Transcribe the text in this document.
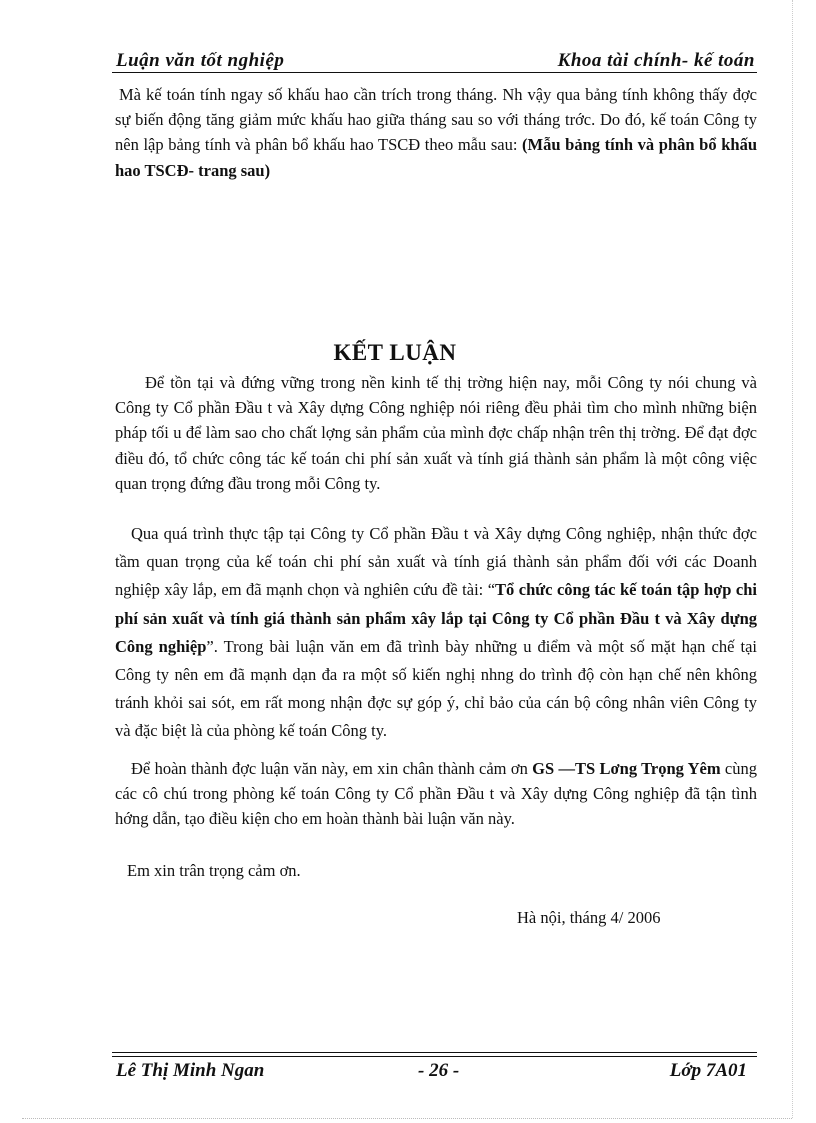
Luận văn tốt nghiệp	Khoa tài chính- kế toán

Mà kế toán tính ngay số khấu hao cần trích trong tháng. Nh vậy qua bảng tính không thấy đợc sự biến động tăng giảm mức khấu hao giữa tháng sau so với tháng trớc. Do đó, kế toán Công ty nên lập bảng tính và phân bổ khấu hao TSCĐ theo mẫu sau: (Mẫu bảng tính và phân bổ khấu hao TSCĐ- trang sau)

KẾT LUẬN

Để tồn tại và đứng vững trong nền kinh tế thị trờng hiện nay, mỗi Công ty nói chung và Công ty Cổ phần Đầu t và Xây dựng Công nghiệp nói riêng đều phải tìm cho mình những biện pháp tối u để làm sao cho chất lợng sản phẩm của mình đợc chấp nhận trên thị trờng. Để đạt đợc điều đó, tổ chức công tác kế toán chi phí sản xuất và tính giá thành sản phẩm là một công việc quan trọng đứng đầu trong mỗi Công ty.

Qua quá trình thực tập tại Công ty Cổ phần Đầu t và Xây dựng Công nghiệp, nhận thức đợc tầm quan trọng của kế toán chi phí sản xuất và tính giá thành sản phẩm đối với các Doanh nghiệp xây lắp, em đã mạnh chọn và nghiên cứu đề tài: “Tổ chức công tác kế toán tập hợp chi phí sản xuất và tính giá thành sản phẩm xây lắp tại Công ty Cổ phần Đầu t và Xây dựng Công nghiệp”. Trong bài luận văn em đã trình bày những u điểm và một số mặt hạn chế tại Công ty nên em đã mạnh dạn đa ra một số kiến nghị nhng do trình độ còn hạn chế nên không tránh khỏi sai sót, em rất mong nhận đợc sự góp ý, chỉ bảo của cán bộ công nhân viên Công ty và đặc biệt là của phòng kế toán Công ty.

Để hoàn thành đợc luận văn này, em xin chân thành cảm ơn GS —TS Lơng Trọng Yêm cùng các cô chú trong phòng kế toán Công ty Cổ phần Đầu t và Xây dựng Công nghiệp đã tận tình hớng dẫn, tạo điều kiện cho em hoàn thành bài luận văn này.

Em xin trân trọng cảm ơn.

Hà nội, tháng 4/ 2006
Lê Thị Minh Ngan	- 26 -	Lớp 7A01
